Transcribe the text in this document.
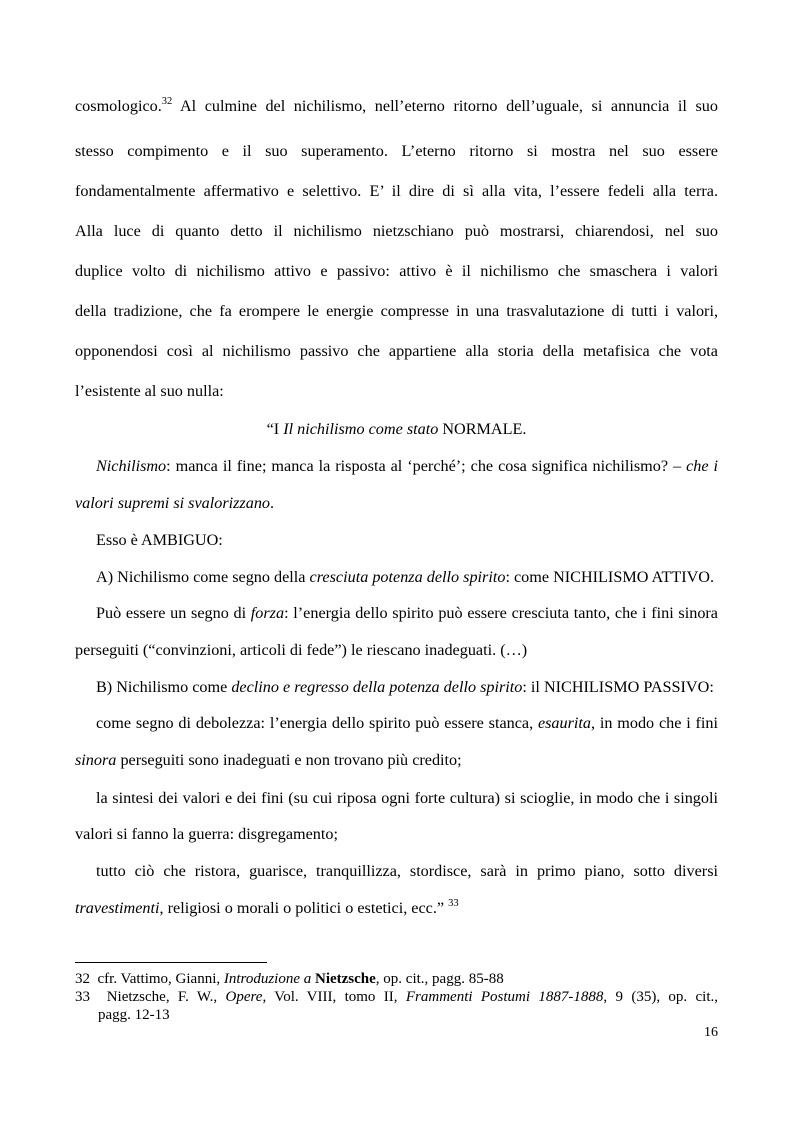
cosmologico.$^{32}$ Al culmine del nichilismo, nell’eterno ritorno dell’uguale, si annuncia il suo
stesso compimento e il suo superamento. L’eterno ritorno si mostra nel suo essere
fondamentalmente affermativo e selettivo. E’ il dire di sì alla vita, l’essere fedeli alla terra.
Alla luce di quanto detto il nichilismo nietzschiano può mostrarsi, chiarendosi, nel suo
duplice volto di nichilismo attivo e passivo: attivo è il nichilismo che smaschera i valori
della tradizione, che fa erompere le energie compresse in una trasvalutazione di tutti i valori,
opponendosi così al nichilismo passivo che appartiene alla storia della metafisica che vota
l’esistente al suo nulla:
“I Il nichilismo come stato NORMALE.
Nichilismo: manca il fine; manca la risposta al ‘perché’; che cosa significa nichilismo? – che i
valori supremi si svalorizzano.
Esso è AMBIGUO:
A) Nichilismo come segno della cresciuta potenza dello spirito: come NICHILISMO ATTIVO.
Può essere un segno di forza: l’energia dello spirito può essere cresciuta tanto, che i fini sinora
perseguiti (“convinzioni, articoli di fede”) le riescano inadeguati. (…)
B) Nichilismo come declino e regresso della potenza dello spirito: il NICHILISMO PASSIVO:
come segno di debolezza: l’energia dello spirito può essere stanca, esaurita, in modo che i fini
sinora perseguiti sono inadeguati e non trovano più credito;
la sintesi dei valori e dei fini (su cui riposa ogni forte cultura) si scioglie, in modo che i singoli
valori si fanno la guerra: disgregamento;
tutto ciò che ristora, guarisce, tranquillizza, stordisce, sarà in primo piano, sotto diversi
travestimenti, religiosi o morali o politici o estetici, ecc.” $^{33}$
32 cfr. Vattimo, Gianni, Introduzione a Nietzsche, op. cit., pagg. 85-88
33 Nietzsche, F. W., Opere, Vol. VIII, tomo II, Frammenti Postumi 1887-1888, 9 (35), op. cit.,
pagg. 12-13
16
